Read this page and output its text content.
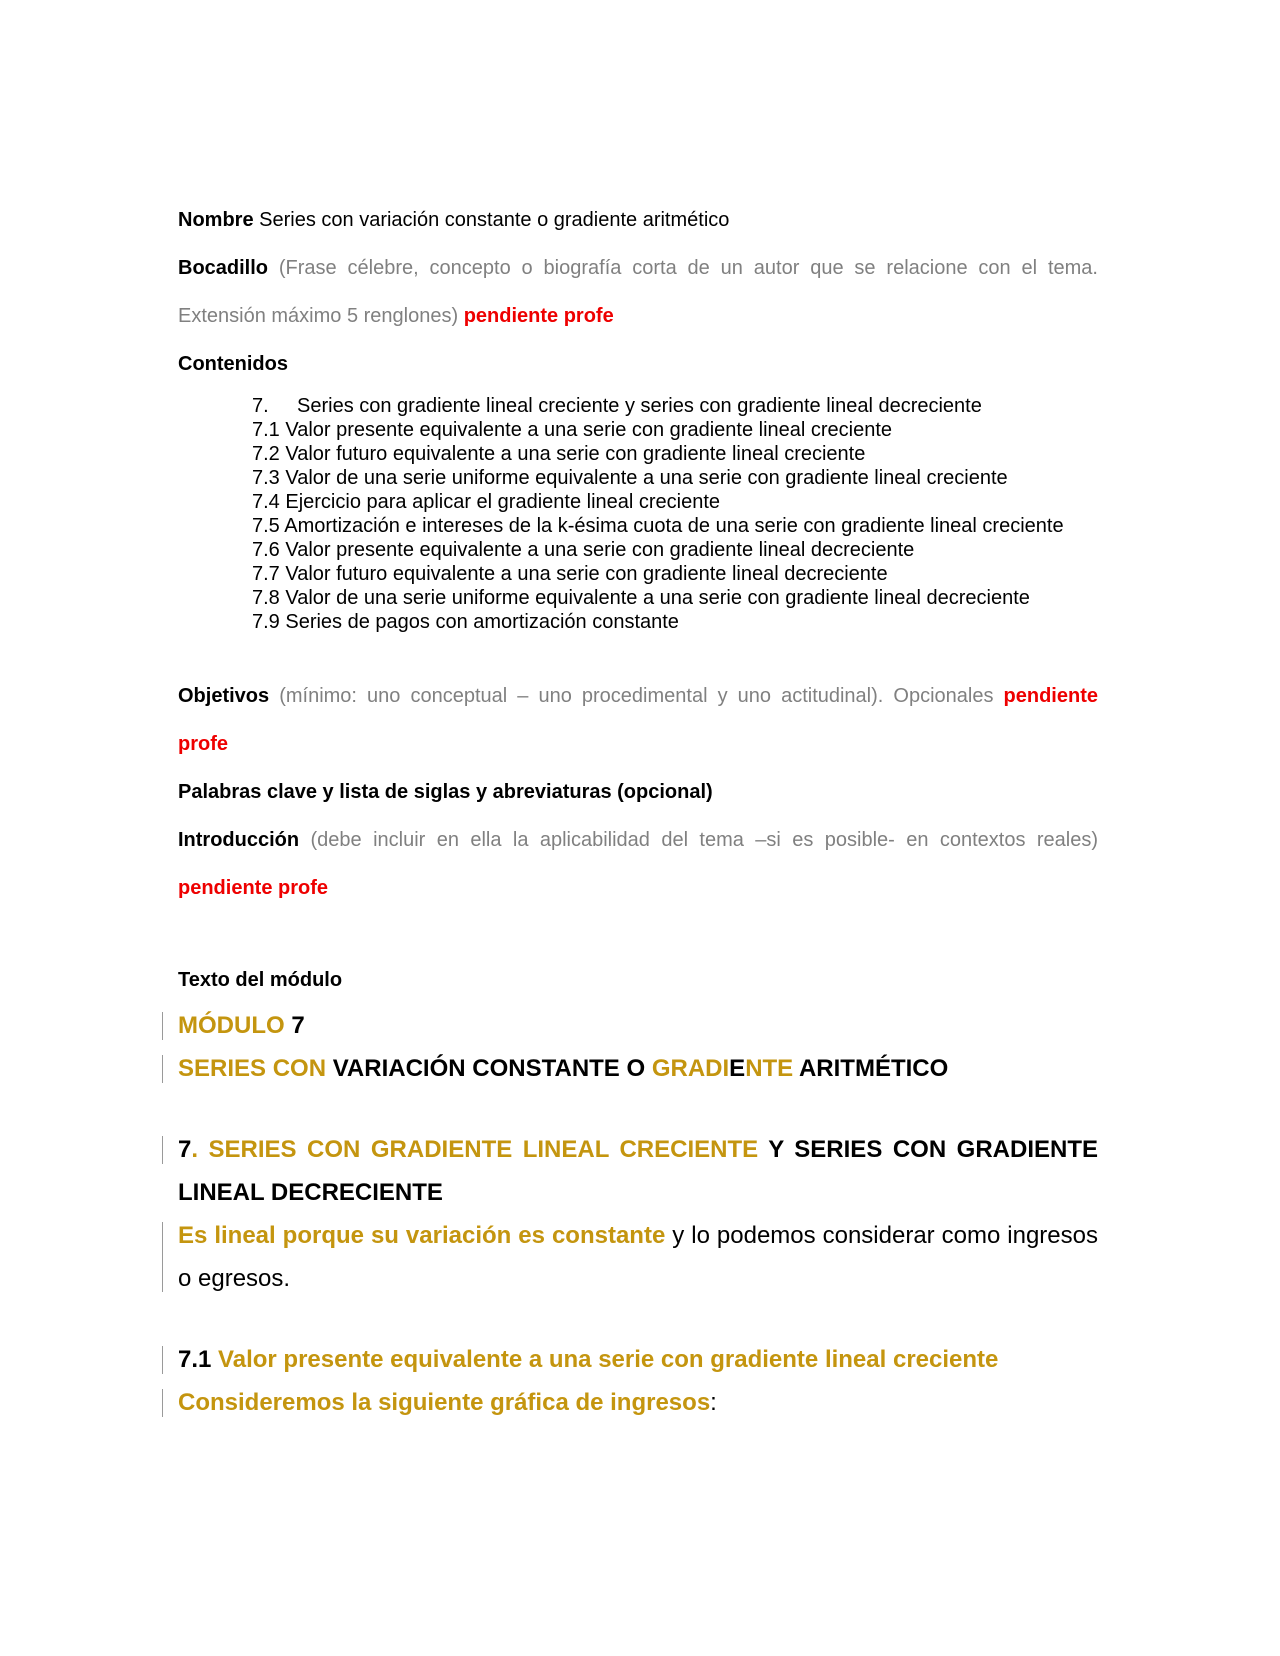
Nombre Series con variación constante o gradiente aritmético

Bocadillo (Frase célebre, concepto o biografía corta de un autor que se relacione con el tema. Extensión máximo 5 renglones) pendiente profe

Contenidos

7. Series con gradiente lineal creciente y series con gradiente lineal decreciente
7.1 Valor presente equivalente a una serie con gradiente lineal creciente
7.2 Valor futuro equivalente a una serie con gradiente lineal creciente
7.3 Valor de una serie uniforme equivalente a una serie con gradiente lineal creciente
7.4 Ejercicio para aplicar el gradiente lineal creciente
7.5 Amortización e intereses de la k-ésima cuota de una serie con gradiente lineal creciente
7.6 Valor presente equivalente a una serie con gradiente lineal decreciente
7.7 Valor futuro equivalente a una serie con gradiente lineal decreciente
7.8 Valor de una serie uniforme equivalente a una serie con gradiente lineal decreciente
7.9 Series de pagos con amortización constante

Objetivos (mínimo: uno conceptual – uno procedimental y uno actitudinal). Opcionales pendiente profe

Palabras clave y lista de siglas y abreviaturas (opcional)

Introducción (debe incluir en ella la aplicabilidad del tema –si es posible- en contextos reales) pendiente profe

Texto del módulo

MÓDULO 7

SERIES CON VARIACIÓN CONSTANTE O GRADIENTE ARITMÉTICO

7. SERIES CON GRADIENTE LINEAL CRECIENTE Y SERIES CON GRADIENTE LINEAL DECRECIENTE

Es lineal porque su variación es constante y lo podemos considerar como ingresos o egresos.

7.1 Valor presente equivalente a una serie con gradiente lineal creciente

Consideremos la siguiente gráfica de ingresos:
